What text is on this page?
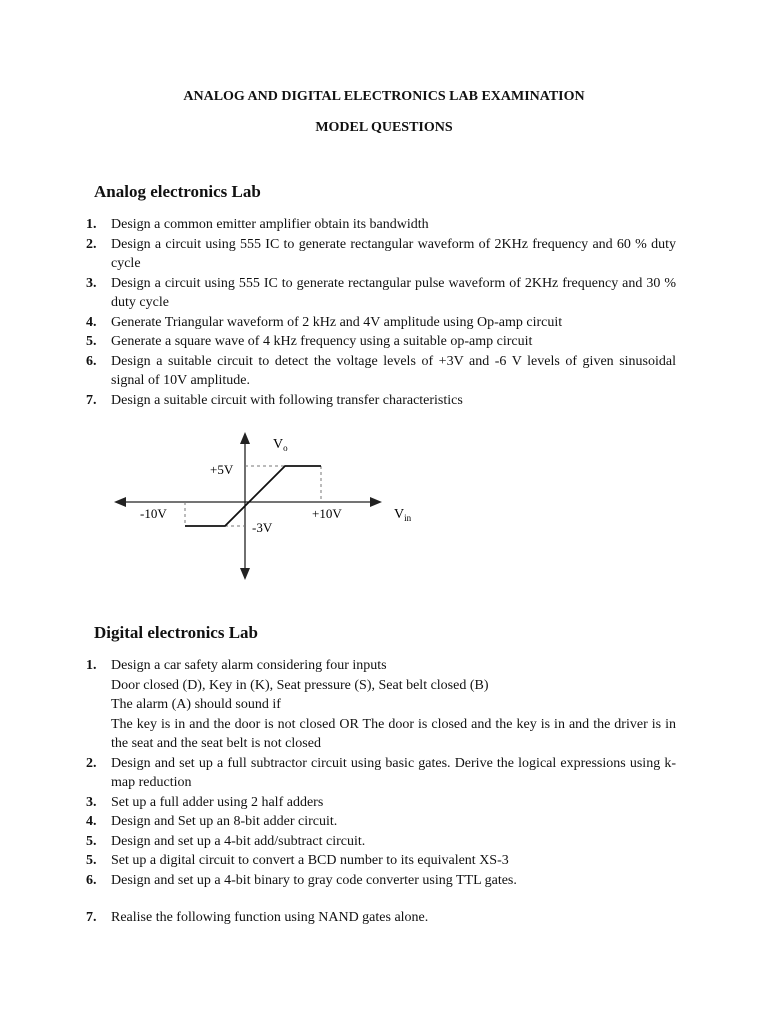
ANALOG AND DIGITAL ELECTRONICS LAB EXAMINATION
MODEL QUESTIONS
Analog electronics Lab
1. Design a common emitter amplifier obtain its bandwidth
2. Design a circuit using 555 IC to generate rectangular waveform of 2KHz frequency and 60 % duty cycle
3. Design a circuit using 555 IC to generate rectangular pulse waveform of 2KHz frequency and 30 % duty cycle
4. Generate Triangular waveform of 2 kHz and 4V amplitude using Op-amp circuit
5. Generate a square wave of 4 kHz frequency using a suitable op-amp circuit
6. Design a suitable circuit to detect the voltage levels of +3V and -6 V levels of given sinusoidal signal of 10V amplitude.
7. Design a suitable circuit with following transfer characteristics
$V_o$
+5V
-10V	+10V
-3V
$V_{in}$
Digital electronics Lab
1. Design a car safety alarm considering four inputs
Door closed (D), Key in (K), Seat pressure (S), Seat belt closed (B)
The alarm (A) should sound if
The key is in and the door is not closed OR The door is closed and the key is in and the driver is in the seat and the seat belt is not closed
2. Design and set up a full subtractor circuit using basic gates. Derive the logical expressions using k-map reduction
3. Set up a full adder using 2 half adders
4. Design and Set up an 8-bit adder circuit.
5. Design and set up a 4-bit add/subtract circuit.
5. Set up a digital circuit to convert a BCD number to its equivalent XS-3
6. Design and set up a 4-bit binary to gray code converter using TTL gates.
7. Realise the following function using NAND gates alone.
